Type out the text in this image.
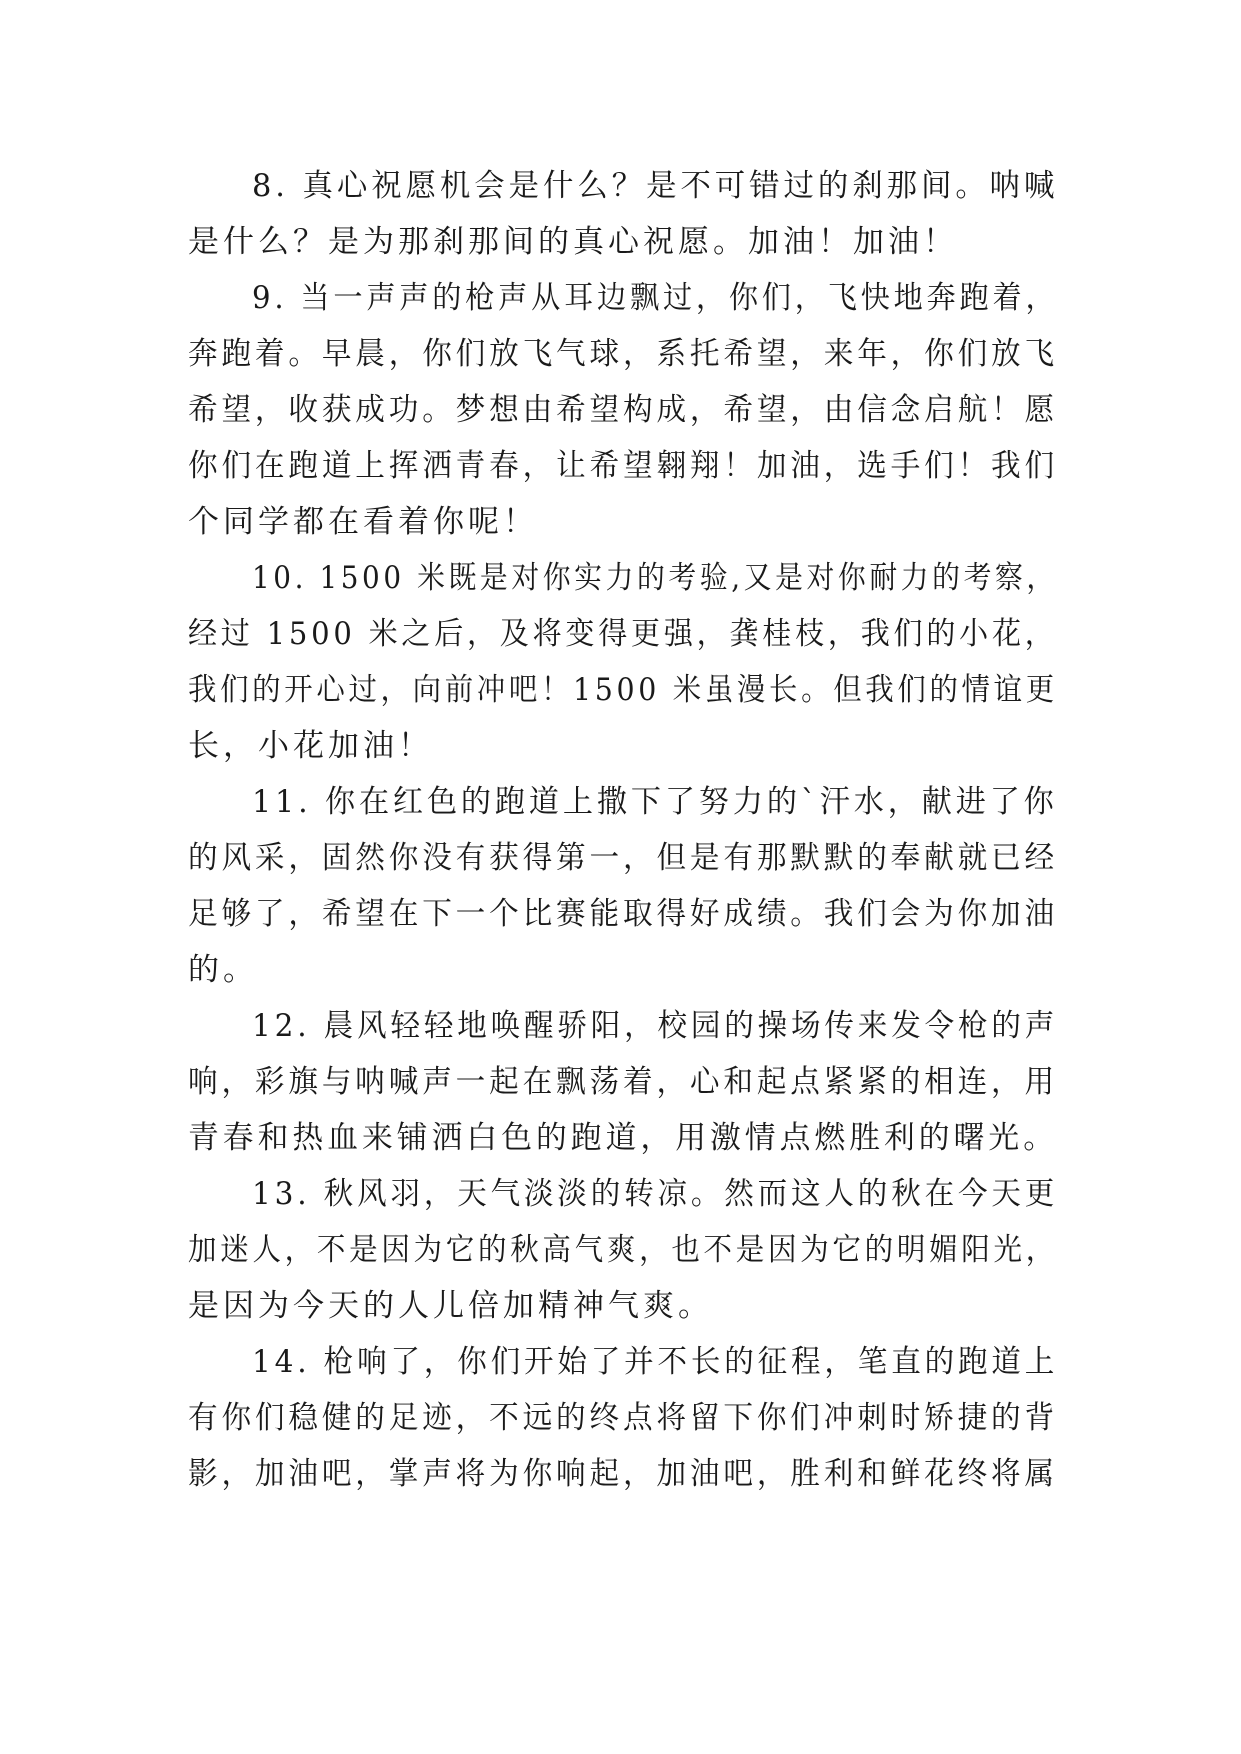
8. 真心祝愿机会是什么？是不可错过的刹那间。呐喊
是什么？是为那刹那间的真心祝愿。加油！加油！
9. 当一声声的枪声从耳边飘过，你们，飞快地奔跑着，
奔跑着。早晨，你们放飞气球，系托希望，来年，你们放飞
希望，收获成功。梦想由希望构成，希望，由信念启航！愿
你们在跑道上挥洒青春，让希望翱翔！加油，选手们！我们
个同学都在看着你呢！
10. 1500 米既是对你实力的考验,又是对你耐力的考察，
经过 1500 米之后，及将变得更强，龚桂枝，我们的小花，
我们的开心过，向前冲吧！1500 米虽漫长。但我们的情谊更
长，小花加油！
11. 你在红色的跑道上撒下了努力的`汗水，献进了你
的风采，固然你没有获得第一，但是有那默默的奉献就已经
足够了，希望在下一个比赛能取得好成绩。我们会为你加油
的。
12. 晨风轻轻地唤醒骄阳，校园的操场传来发令枪的声
响，彩旗与呐喊声一起在飘荡着，心和起点紧紧的相连，用
青春和热血来铺洒白色的跑道，用激情点燃胜利的曙光。
13. 秋风羽，天气淡淡的转凉。然而这人的秋在今天更
加迷人，不是因为它的秋高气爽，也不是因为它的明媚阳光，
是因为今天的人儿倍加精神气爽。
14. 枪响了，你们开始了并不长的征程，笔直的跑道上
有你们稳健的足迹，不远的终点将留下你们冲刺时矫捷的背
影，加油吧，掌声将为你响起，加油吧，胜利和鲜花终将属
